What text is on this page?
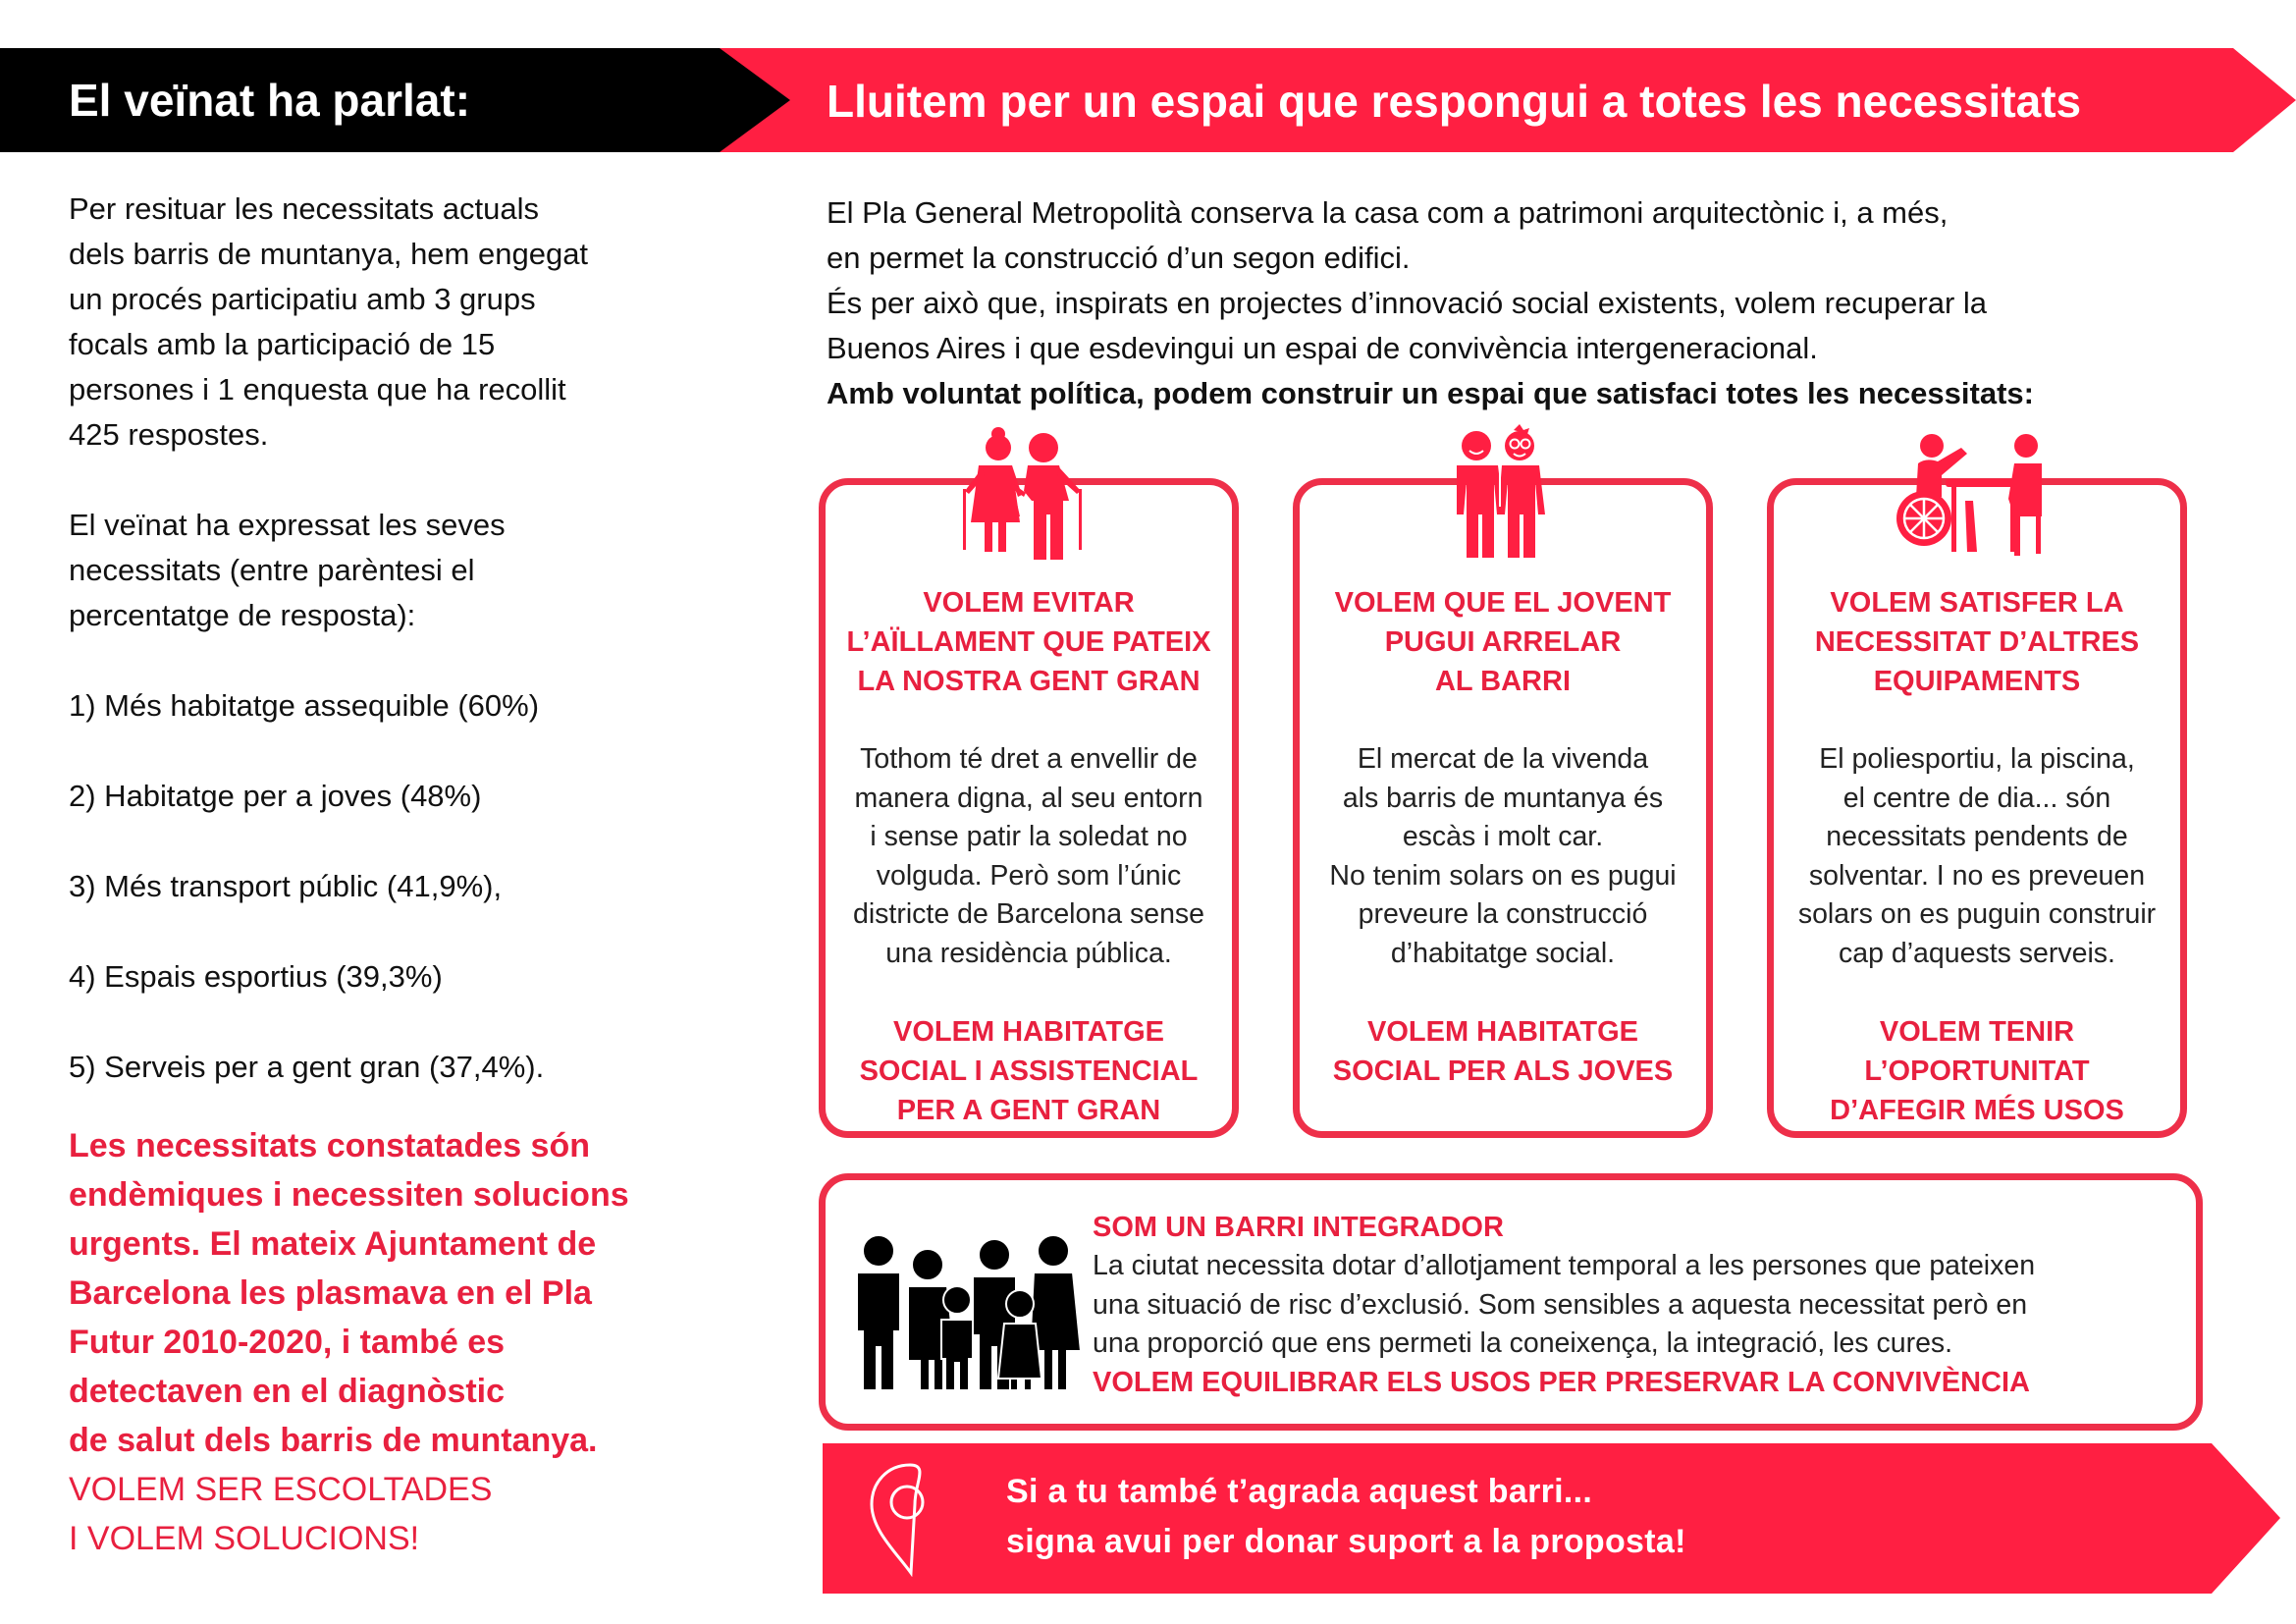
El veïnat ha parlat:	Lluitem per un espai que respongui a totes les necessitats

Per resituar les necessitats actuals
dels barris de muntanya, hem engegat
un procés participatiu amb 3 grups
focals amb la participació de 15
persones i 1 enquesta que ha recollit
425 respostes.

El veïnat ha expressat les seves
necessitats (entre parèntesi el
percentatge de resposta):

1) Més habitatge assequible (60%)
2) Habitatge per a joves (48%)
3) Més transport públic (41,9%),
4) Espais esportius (39,3%)
5) Serveis per a gent gran (37,4%).

Les necessitats constatades són
endèmiques i necessiten solucions
urgents. El mateix Ajuntament de
Barcelona les plasmava en el Pla
Futur 2010-2020, i també es
detectaven en el diagnòstic
de salut dels barris de muntanya.

VOLEM SER ESCOLTADES
I VOLEM SOLUCIONS!

El Pla General Metropolità conserva la casa com a patrimoni arquitectònic i, a més,
en permet la construcció d’un segon edifici.
És per això que, inspirats en projectes d’innovació social existents, volem recuperar la
Buenos Aires i que esdevingui un espai de convivència intergeneracional.

Amb voluntat política, podem construir un espai que satisfaci totes les necessitats:

VOLEM EVITAR
L’AÏLLAMENT QUE PATEIX
LA NOSTRA GENT GRAN
Tothom té dret a envellir de
manera digna, al seu entorn
i sense patir la soledat no
volguda. Però som l’únic
districte de Barcelona sense
una residència pública.
VOLEM HABITATGE
SOCIAL I ASSISTENCIAL
PER A GENT GRAN
VOLEM QUE EL JOVENT
PUGUI ARRELAR
AL BARRI
El mercat de la vivenda
als barris de muntanya és
escàs i molt car.
No tenim solars on es pugui
preveure la construcció
d’habitatge social.
VOLEM HABITATGE
SOCIAL PER ALS JOVES
VOLEM SATISFER LA
NECESSITAT D’ALTRES
EQUIPAMENTS
El poliesportiu, la piscina,
el centre de dia... són
necessitats pendents de
solventar. I no es preveuen
solars on es puguin construir
cap d’aquests serveis.
VOLEM TENIR
L’OPORTUNITAT
D’AFEGIR MÉS USOS
SOM UN BARRI INTEGRADOR
La ciutat necessita dotar d’allotjament temporal a les persones que pateixen
una situació de risc d’exclusió. Som sensibles a aquesta necessitat però en
una proporció que ens permeti la coneixença, la integració, les cures.
VOLEM EQUILIBRAR ELS USOS PER PRESERVAR LA CONVIVÈNCIA
Si a tu també t’agrada aquest barri...
signa avui per donar suport a la proposta!
